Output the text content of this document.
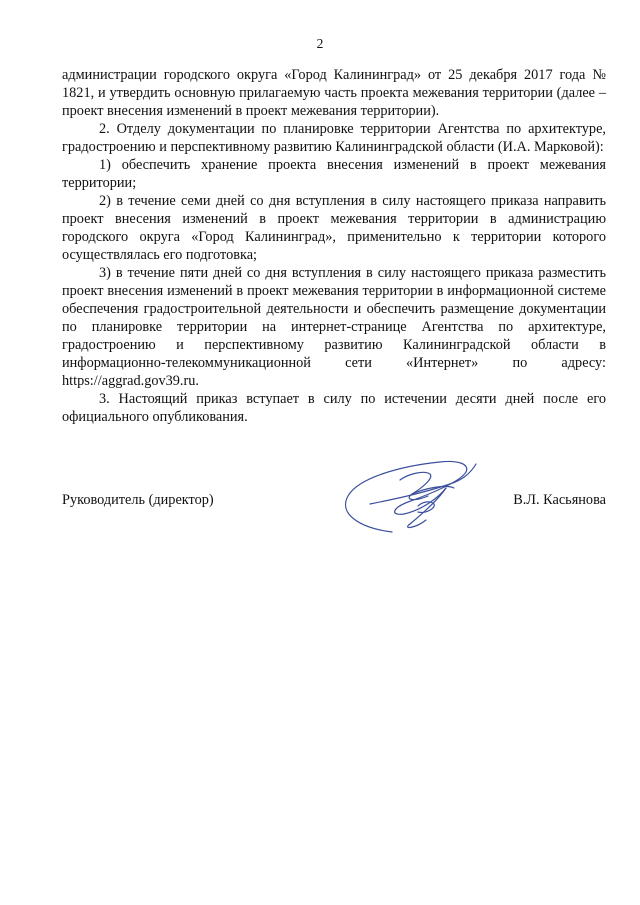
2

администрации городского округа «Город Калининград» от 25 декабря 2017 года № 1821, и утвердить основную прилагаемую часть проекта межевания территории (далее – проект внесения изменений в проект межевания территории).

2. Отделу документации по планировке территории Агентства по архитектуре, градостроению и перспективному развитию Калининградской области (И.А. Марковой):

1) обеспечить хранение проекта внесения изменений в проект межевания территории;

2) в течение семи дней со дня вступления в силу настоящего приказа направить проект внесения изменений в проект межевания территории в администрацию городского округа «Город Калининград», применительно к территории которого осуществлялась его подготовка;

3) в течение пяти дней со дня вступления в силу настоящего приказа разместить проект внесения изменений в проект межевания территории в информационной системе обеспечения градостроительной деятельности и обеспечить размещение документации по планировке территории на интернет-странице Агентства по архитектуре, градостроению и перспективному развитию Калининградской области в информационно-телекоммуникационной сети «Интернет» по адресу: https://aggrad.gov39.ru.

3. Настоящий приказ вступает в силу по истечении десяти дней после его официального опубликования.

Руководитель (директор)	В.Л. Касьянова
